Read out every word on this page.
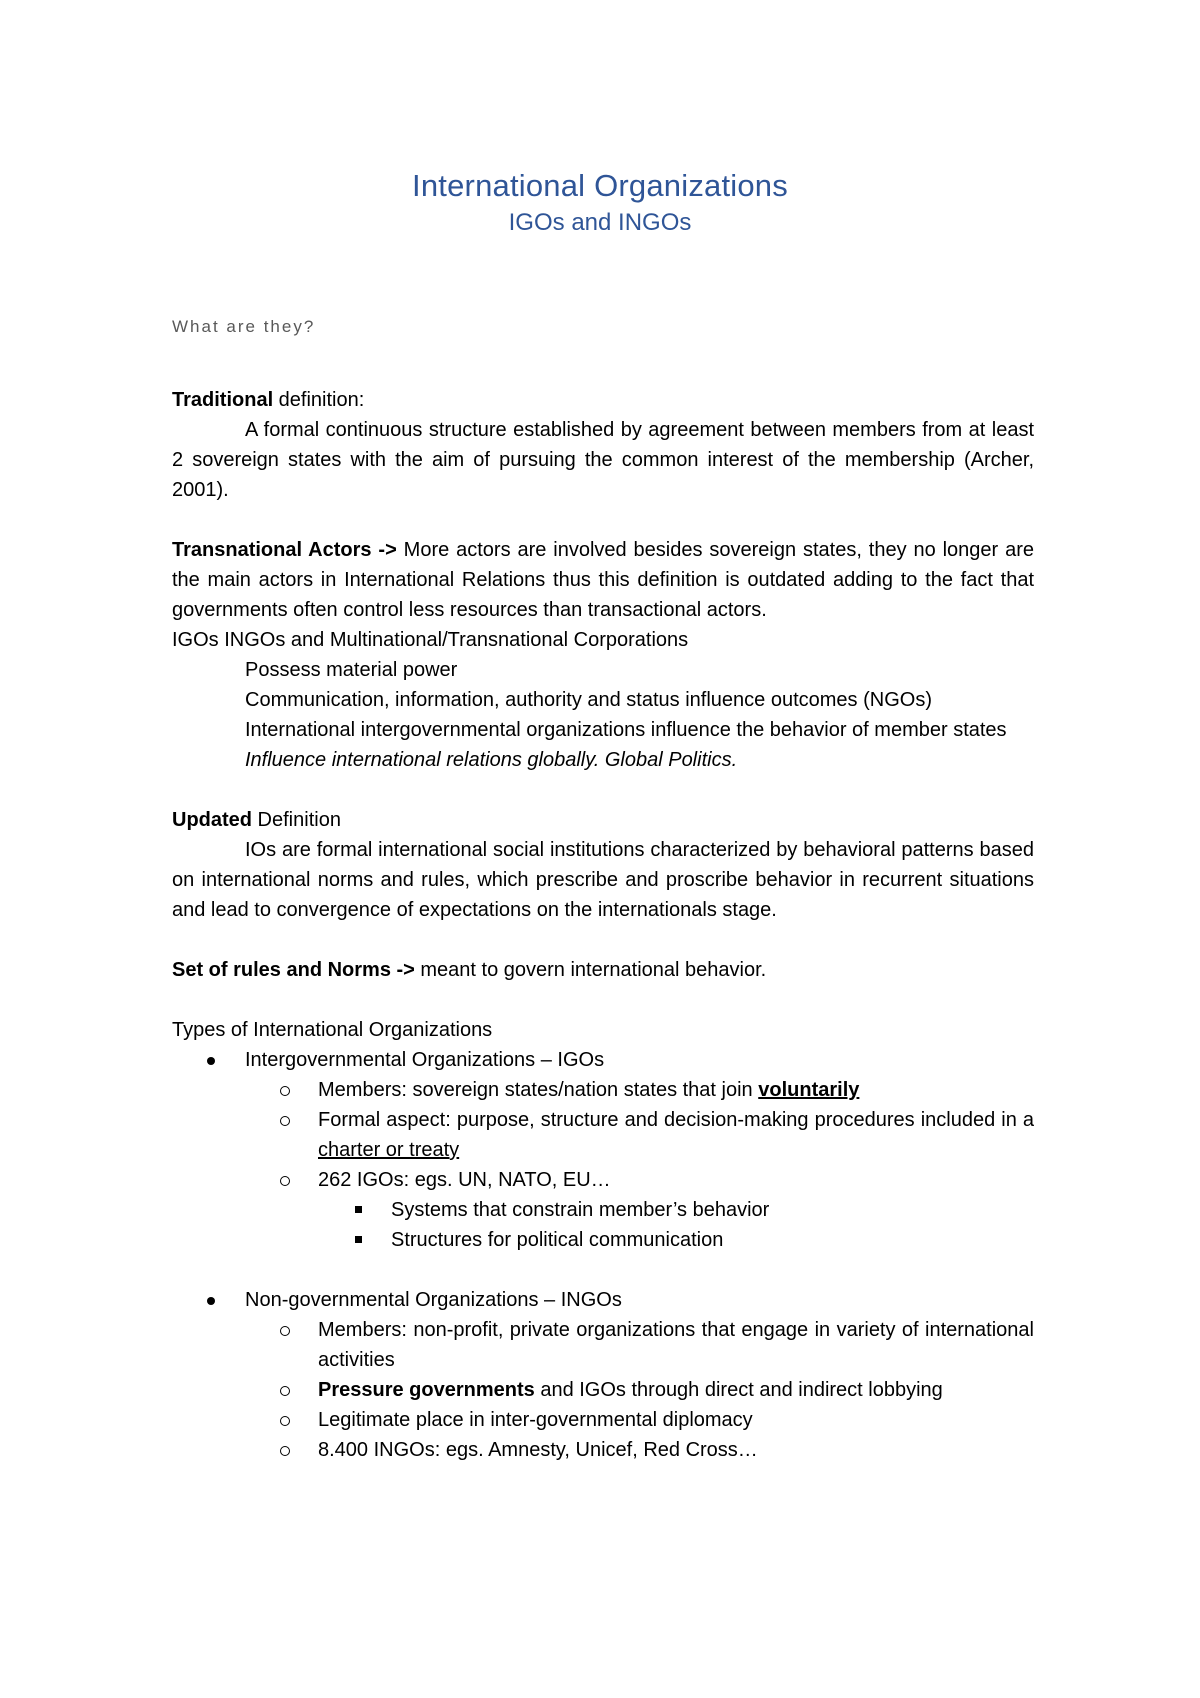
International Organizations
IGOs and INGOs
What are they?

Traditional definition:

A formal continuous structure established by agreement between members from at least 2 sovereign states with the aim of pursuing the common interest of the membership (Archer, 2001).

Transnational Actors -> More actors are involved besides sovereign states, they no longer are the main actors in International Relations thus this definition is outdated adding to the fact that governments often control less resources than transactional actors.

IGOs INGOs and Multinational/Transnational Corporations

Possess material power

Communication, information, authority and status influence outcomes (NGOs)

International intergovernmental organizations influence the behavior of member states

Influence international relations globally. Global Politics.

Updated Definition

IOs are formal international social institutions characterized by behavioral patterns based on international norms and rules, which prescribe and proscribe behavior in recurrent situations and lead to convergence of expectations on the internationals stage.

Set of rules and Norms -> meant to govern international behavior.

Types of International Organizations

Intergovernmental Organizations – IGOs
Members: sovereign states/nation states that join voluntarily
Formal aspect: purpose, structure and decision-making procedures included in a charter or treaty
262 IGOs: egs. UN, NATO, EU…
Systems that constrain member’s behavior
Structures for political communication
Non-governmental Organizations – INGOs
Members: non-profit, private organizations that engage in variety of international activities
Pressure governments and IGOs through direct and indirect lobbying
Legitimate place in inter-governmental diplomacy
8.400 INGOs: egs. Amnesty, Unicef, Red Cross…
